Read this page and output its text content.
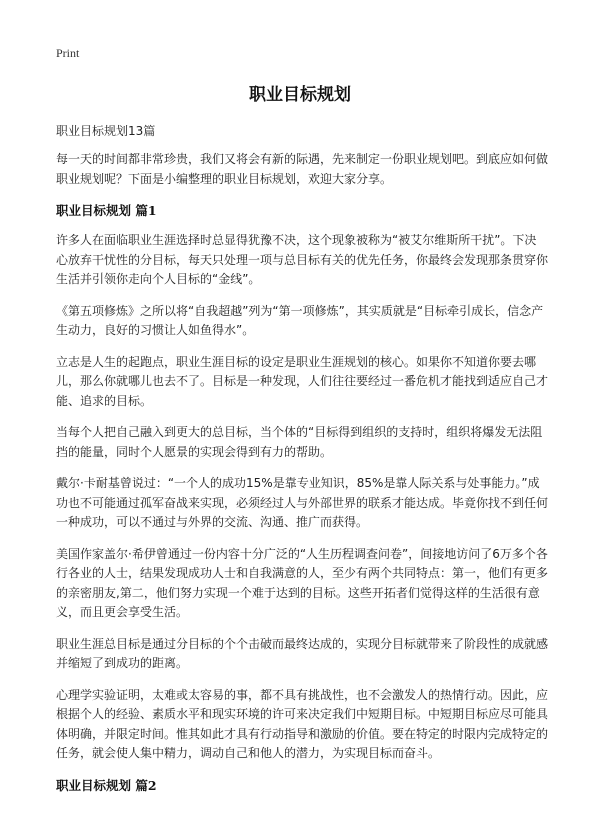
Print
职业目标规划
职业目标规划13篇

每一天的时间都非常珍贵，我们又将会有新的际遇，先来制定一份职业规划吧。到底应如何做职业规划呢？下面是小编整理的职业目标规划，欢迎大家分享。

职业目标规划 篇1

许多人在面临职业生涯选择时总显得犹豫不决，这个现象被称为“被艾尔维斯所干扰”。下决心放弃干忧性的分目标，每天只处理一项与总目标有关的优先任务，你最终会发现那条贯穿你生活并引领你走向个人目标的“金线”。

《第五项修炼》之所以将“自我超越”列为“第一项修炼”，其实质就是“目标牵引成长，信念产生动力，良好的习惯让人如鱼得水”。

立志是人生的起跑点，职业生涯目标的设定是职业生涯规划的核心。如果你不知道你要去哪儿，那么你就哪儿也去不了。目标是一种发现，人们往往要经过一番危机才能找到适应自己才能、追求的目标。

当每个人把自己融入到更大的总目标，当个体的“目标得到组织的支持时，组织将爆发无法阻挡的能量，同时个人愿景的实现会得到有力的帮助。

戴尔·卡耐基曾说过：“一个人的成功15%是靠专业知识，85%是靠人际关系与处事能力。”成功也不可能通过孤军奋战来实现，必须经过人与外部世界的联系才能达成。毕竟你找不到任何一种成功，可以不通过与外界的交流、沟通、推广而获得。

美国作家盖尔·希伊曾通过一份内容十分广泛的“人生历程调查问卷”，间接地访问了6万多个各行各业的人士，结果发现成功人士和自我满意的人，至少有两个共同特点：第一，他们有更多的亲密朋友,第二，他们努力实现一个难于达到的目标。这些开拓者们觉得这样的生活很有意义，而且更会享受生活。

职业生涯总目标是通过分目标的个个击破而最终达成的，实现分目标就带来了阶段性的成就感并缩短了到成功的距离。

心理学实验证明，太难或太容易的事，都不具有挑战性，也不会激发人的热情行动。因此，应根据个人的经验、素质水平和现实环境的许可来决定我们中短期目标。中短期目标应尽可能具体明确，并限定时间。惟其如此才具有行动指导和激励的价值。要在特定的时限内完成特定的任务，就会使人集中精力，调动自己和他人的潜力，为实现目标而奋斗。

职业目标规划 篇2
